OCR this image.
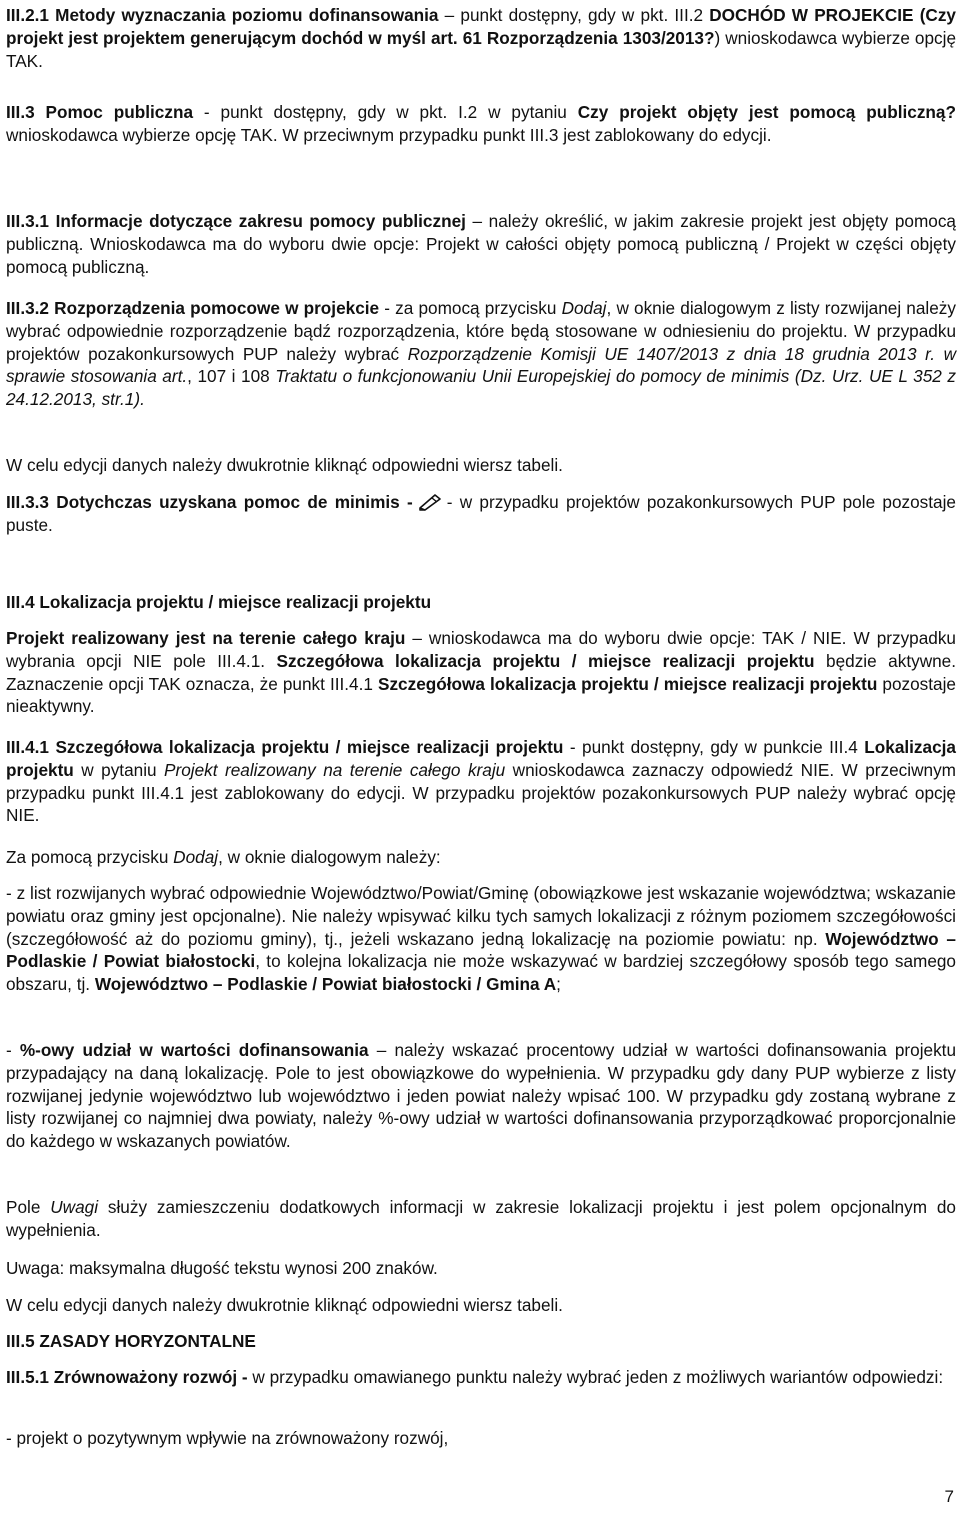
III.2.1 Metody wyznaczania poziomu dofinansowania – punkt dostępny, gdy w pkt. III.2 DOCHÓD W PROJEKCIE (Czy projekt jest projektem generującym dochód w myśl art. 61 Rozporządzenia 1303/2013?) wnioskodawca wybierze opcję TAK.

III.3 Pomoc publiczna - punkt dostępny, gdy w pkt. I.2 w pytaniu Czy projekt objęty jest pomocą publiczną? wnioskodawca wybierze opcję TAK. W przeciwnym przypadku punkt III.3 jest zablokowany do edycji.

III.3.1 Informacje dotyczące zakresu pomocy publicznej – należy określić, w jakim zakresie projekt jest objęty pomocą publiczną. Wnioskodawca ma do wyboru dwie opcje: Projekt w całości objęty pomocą publiczną / Projekt w części objęty pomocą publiczną.

III.3.2 Rozporządzenia pomocowe w projekcie - za pomocą przycisku Dodaj, w oknie dialogowym z listy rozwijanej należy wybrać odpowiednie rozporządzenie bądź rozporządzenia, które będą stosowane w odniesieniu do projektu. W przypadku projektów pozakonkursowych PUP należy wybrać Rozporządzenie Komisji UE 1407/2013 z dnia 18 grudnia 2013 r. w sprawie stosowania art., 107 i 108 Traktatu o funkcjonowaniu Unii Europejskiej do pomocy de minimis (Dz. Urz. UE L 352 z 24.12.2013, str.1).

W celu edycji danych należy dwukrotnie kliknąć odpowiedni wiersz tabeli.

III.3.3 Dotychczas uzyskana pomoc de minimis - - w przypadku projektów pozakonkursowych PUP pole pozostaje puste.

III.4 Lokalizacja projektu / miejsce realizacji projektu

Projekt realizowany jest na terenie całego kraju – wnioskodawca ma do wyboru dwie opcje: TAK / NIE. W przypadku wybrania opcji NIE pole III.4.1. Szczegółowa lokalizacja projektu / miejsce realizacji projektu będzie aktywne. Zaznaczenie opcji TAK oznacza, że punkt III.4.1 Szczegółowa lokalizacja projektu / miejsce realizacji projektu pozostaje nieaktywny.

III.4.1 Szczegółowa lokalizacja projektu / miejsce realizacji projektu - punkt dostępny, gdy w punkcie III.4 Lokalizacja projektu w pytaniu Projekt realizowany na terenie całego kraju wnioskodawca zaznaczy odpowiedź NIE. W przeciwnym przypadku punkt III.4.1 jest zablokowany do edycji. W przypadku projektów pozakonkursowych PUP należy wybrać opcję NIE.

Za pomocą przycisku Dodaj, w oknie dialogowym należy:

- z list rozwijanych wybrać odpowiednie Województwo/Powiat/Gminę (obowiązkowe jest wskazanie województwa; wskazanie powiatu oraz gminy jest opcjonalne). Nie należy wpisywać kilku tych samych lokalizacji z różnym poziomem szczegółowości (szczegółowość aż do poziomu gminy), tj., jeżeli wskazano jedną lokalizację na poziomie powiatu: np. Województwo – Podlaskie / Powiat białostocki, to kolejna lokalizacja nie może wskazywać w bardziej szczegółowy sposób tego samego obszaru, tj. Województwo – Podlaskie / Powiat białostocki / Gmina A;

- %-owy udział w wartości dofinansowania – należy wskazać procentowy udział w wartości dofinansowania projektu przypadający na daną lokalizację. Pole to jest obowiązkowe do wypełnienia. W przypadku gdy dany PUP wybierze z listy rozwijanej jedynie województwo lub województwo i jeden powiat należy wpisać 100. W przypadku gdy zostaną wybrane z listy rozwijanej co najmniej dwa powiaty, należy %-owy udział w wartości dofinansowania przyporządkować proporcjonalnie do każdego w wskazanych powiatów.

Pole Uwagi służy zamieszczeniu dodatkowych informacji w zakresie lokalizacji projektu i jest polem opcjonalnym do wypełnienia.

Uwaga: maksymalna długość tekstu wynosi 200 znaków.

W celu edycji danych należy dwukrotnie kliknąć odpowiedni wiersz tabeli.

III.5 ZASADY HORYZONTALNE

III.5.1 Zrównoważony rozwój - w przypadku omawianego punktu należy wybrać jeden z możliwych wariantów odpowiedzi:

- projekt o pozytywnym wpływie na zrównoważony rozwój,

7
